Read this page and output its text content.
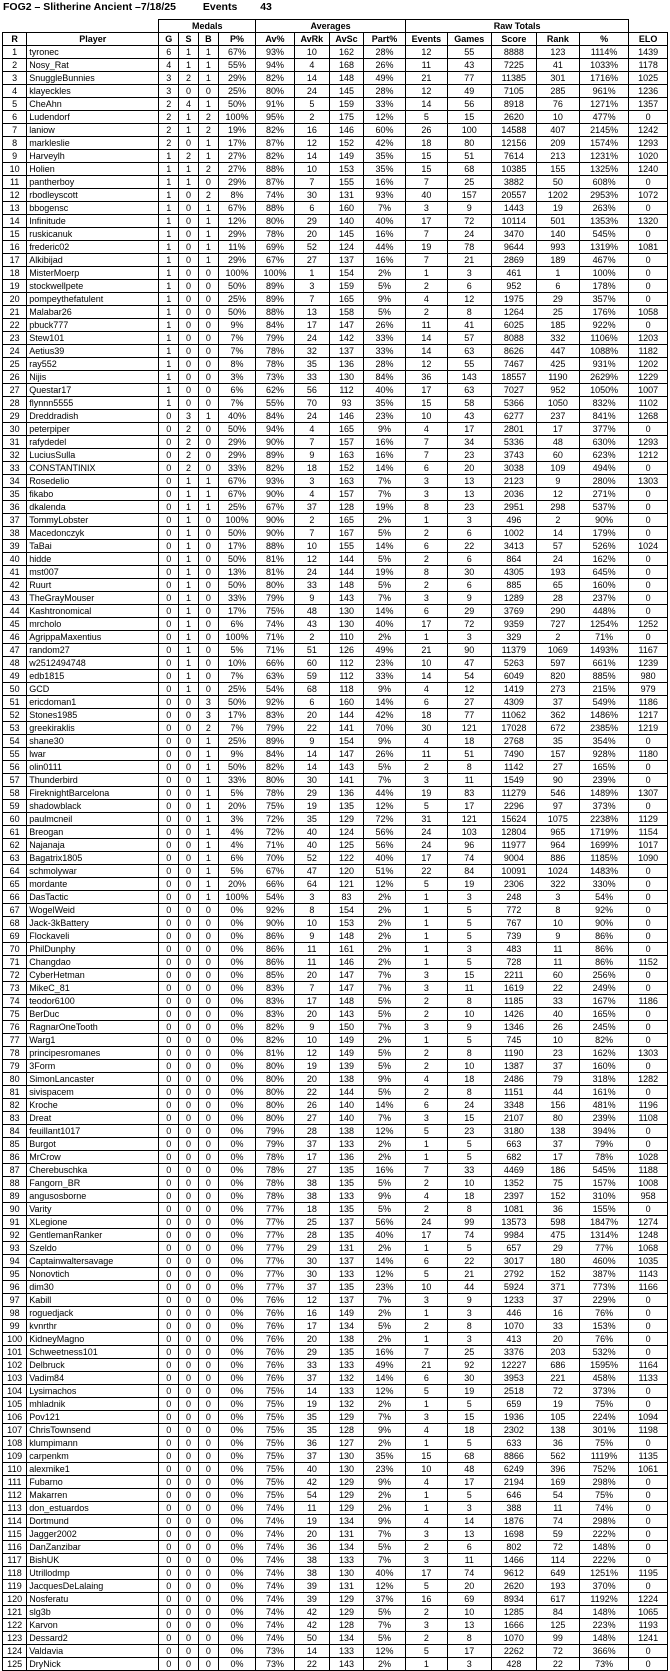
FOG2 – Slitherine Ancient –7/18/25	Events 43
		Medals				Averages				Raw Totals					
R	Player	G	S	B	P%	Av%	AvRk	AvSc	Part%	Events	Games	Score	Rank	%	ELO
1	tyronec	6	1	1	67%	93%	10	162	28%	12	55	8888	123	1114%	1439
2	Nosy_Rat	4	1	1	55%	94%	4	168	26%	11	43	7225	41	1033%	1178
3	SnuggleBunnies	3	2	1	29%	82%	14	148	49%	21	77	11385	301	1716%	1025
4	klayeckles	3	0	0	25%	80%	24	145	28%	12	49	7105	285	961%	1236
5	CheAhn	2	4	1	50%	91%	5	159	33%	14	56	8918	76	1271%	1357
6	Ludendorf	2	1	2	100%	95%	2	175	12%	5	15	2620	10	477%	0
7	laniow	2	1	2	19%	82%	16	146	60%	26	100	14588	407	2145%	1242
8	markleslie	2	0	1	17%	87%	12	152	42%	18	80	12156	209	1574%	1293
9	Harveylh	1	2	1	27%	82%	14	149	35%	15	51	7614	213	1231%	1020
10	Holien	1	1	2	27%	88%	10	153	35%	15	68	10385	155	1325%	1240
11	pantherboy	1	1	0	29%	87%	7	155	16%	7	25	3882	50	608%	0
12	rbodleyscott	1	0	2	8%	74%	30	131	93%	40	157	20557	1202	2953%	1072
13	bbogensc	1	0	1	67%	88%	6	160	7%	3	9	1443	19	263%	0
14	Infinitude	1	0	1	12%	80%	29	140	40%	17	72	10114	501	1353%	1320
15	ruskicanuk	1	0	1	29%	78%	20	145	16%	7	24	3470	140	545%	0
16	frederic02	1	0	1	11%	69%	52	124	44%	19	78	9644	993	1319%	1081
17	Alkibijad	1	0	1	29%	67%	27	137	16%	7	21	2869	189	467%	0
18	MisterMoerp	1	0	0	100%	100%	1	154	2%	1	3	461	1	100%	0
19	stockwellpete	1	0	0	50%	89%	3	159	5%	2	6	952	6	178%	0
20	pompeythefatulent	1	0	0	25%	89%	7	165	9%	4	12	1975	29	357%	0
21	Malabar26	1	0	0	50%	88%	13	158	5%	2	8	1264	25	176%	1058
22	pbuck777	1	0	0	9%	84%	17	147	26%	11	41	6025	185	922%	0
23	Stew101	1	0	0	7%	79%	24	142	33%	14	57	8088	332	1106%	1203
24	Aetius39	1	0	0	7%	78%	32	137	33%	14	63	8626	447	1088%	1182
25	ray552	1	0	0	8%	78%	35	136	28%	12	55	7467	425	931%	1202
26	Nijis	1	0	0	3%	73%	33	130	84%	36	143	18557	1190	2629%	1229
27	Questar17	1	0	0	6%	62%	56	112	40%	17	63	7027	952	1050%	1007
28	flynnn5555	1	0	0	7%	55%	70	93	35%	15	58	5366	1050	832%	1102
29	Dreddradish	0	3	1	40%	84%	24	146	23%	10	43	6277	237	841%	1268
30	peterpiper	0	2	0	50%	94%	4	165	9%	4	17	2801	17	377%	0
31	rafydedel	0	2	0	29%	90%	7	157	16%	7	34	5336	48	630%	1293
32	LuciusSulla	0	2	0	29%	89%	9	163	16%	7	23	3743	60	623%	1212
33	CONSTANTINIX	0	2	0	33%	82%	18	152	14%	6	20	3038	109	494%	0
34	Rosedelio	0	1	1	67%	93%	3	163	7%	3	13	2123	9	280%	1303
35	fikabo	0	1	1	67%	90%	4	157	7%	3	13	2036	12	271%	0
36	dkalenda	0	1	1	25%	67%	37	128	19%	8	23	2951	298	537%	0
37	TommyLobster	0	1	0	100%	90%	2	165	2%	1	3	496	2	90%	0
38	Macedonczyk	0	1	0	50%	90%	7	167	5%	2	6	1002	14	179%	0
39	TaBai	0	1	0	17%	88%	10	155	14%	6	22	3413	57	526%	1024
40	hidde	0	1	0	50%	81%	12	144	5%	2	6	864	24	162%	0
41	mst007	0	1	0	13%	81%	24	144	19%	8	30	4305	193	645%	0
42	Ruurt	0	1	0	50%	80%	33	148	5%	2	6	885	65	160%	0
43	TheGrayMouser	0	1	0	33%	79%	9	143	7%	3	9	1289	28	237%	0
44	Kashtronomical	0	1	0	17%	75%	48	130	14%	6	29	3769	290	448%	0
45	mrcholo	0	1	0	6%	74%	43	130	40%	17	72	9359	727	1254%	1252
46	AgrippaMaxentius	0	1	0	100%	71%	2	110	2%	1	3	329	2	71%	0
47	random27	0	1	0	5%	71%	51	126	49%	21	90	11379	1069	1493%	1167
48	w2512494748	0	1	0	10%	66%	60	112	23%	10	47	5263	597	661%	1239
49	edb1815	0	1	0	7%	63%	59	112	33%	14	54	6049	820	885%	980
50	GCD	0	1	0	25%	54%	68	118	9%	4	12	1419	273	215%	979
51	ericdoman1	0	0	3	50%	92%	6	160	14%	6	27	4309	37	549%	1186
52	Stones1985	0	0	3	17%	83%	20	144	42%	18	77	11062	362	1486%	1217
53	greekiraklis	0	0	2	7%	79%	22	141	70%	30	121	17028	672	2385%	1219
54	shane30	0	0	1	25%	89%	9	154	9%	4	18	2768	35	354%	0
55	lwar	0	0	1	9%	84%	14	147	26%	11	51	7490	157	928%	1180
56	olin0111	0	0	1	50%	82%	14	143	5%	2	8	1142	27	165%	0
57	Thunderbird	0	0	1	33%	80%	30	141	7%	3	11	1549	90	239%	0
58	FireknightBarcelona	0	0	1	5%	78%	29	136	44%	19	83	11279	546	1489%	1307
59	shadowblack	0	0	1	20%	75%	19	135	12%	5	17	2296	97	373%	0
60	paulmcneil	0	0	1	3%	72%	35	129	72%	31	121	15624	1075	2238%	1129
61	Breogan	0	0	1	4%	72%	40	124	56%	24	103	12804	965	1719%	1154
62	Najanaja	0	0	1	4%	71%	40	125	56%	24	96	11977	964	1699%	1017
63	Bagatrix1805	0	0	1	6%	70%	52	122	40%	17	74	9004	886	1185%	1090
64	schmolywar	0	0	1	5%	67%	47	120	51%	22	84	10091	1024	1483%	0
65	mordante	0	0	1	20%	66%	64	121	12%	5	19	2306	322	330%	0
66	DasTactic	0	0	1	100%	54%	3	83	2%	1	3	248	3	54%	0
67	WogelWeid	0	0	0	0%	92%	8	154	2%	1	5	772	8	92%	0
68	Jack-3kBattery	0	0	0	0%	90%	10	153	2%	1	5	767	10	90%	0
69	Flockaveli	0	0	0	0%	86%	9	148	2%	1	5	739	9	86%	0
70	PhilDunphy	0	0	0	0%	86%	11	161	2%	1	3	483	11	86%	0
71	Changdao	0	0	0	0%	86%	11	146	2%	1	5	728	11	86%	1152
72	CyberHetman	0	0	0	0%	85%	20	147	7%	3	15	2211	60	256%	0
73	MikeC_81	0	0	0	0%	83%	7	147	7%	3	11	1619	22	249%	0
74	teodor6100	0	0	0	0%	83%	17	148	5%	2	8	1185	33	167%	1186
75	BerDuc	0	0	0	0%	83%	20	143	5%	2	10	1426	40	165%	0
76	RagnarOneTooth	0	0	0	0%	82%	9	150	7%	3	9	1346	26	245%	0
77	Warg1	0	0	0	0%	82%	10	149	2%	1	5	745	10	82%	0
78	principesromanes	0	0	0	0%	81%	12	149	5%	2	8	1190	23	162%	1303
79	3Form	0	0	0	0%	80%	19	139	5%	2	10	1387	37	160%	0
80	SimonLancaster	0	0	0	0%	80%	20	138	9%	4	18	2486	79	318%	1282
81	sivispacem	0	0	0	0%	80%	22	144	5%	2	8	1151	44	161%	0
82	Kroche	0	0	0	0%	80%	26	140	14%	6	24	3348	156	481%	1196
83	Dreat	0	0	0	0%	80%	27	140	7%	3	15	2107	80	239%	1108
84	feuillant1017	0	0	0	0%	79%	28	138	12%	5	23	3180	138	394%	0
85	Burgot	0	0	0	0%	79%	37	133	2%	1	5	663	37	79%	0
86	MrCrow	0	0	0	0%	78%	17	136	2%	1	5	682	17	78%	1028
87	Cherebuschka	0	0	0	0%	78%	27	135	16%	7	33	4469	186	545%	1188
88	Fangorn_BR	0	0	0	0%	78%	38	135	5%	2	10	1352	75	157%	1008
89	angusosborne	0	0	0	0%	78%	38	133	9%	4	18	2397	152	310%	958
90	Varity	0	0	0	0%	77%	18	135	5%	2	8	1081	36	155%	0
91	XLegione	0	0	0	0%	77%	25	137	56%	24	99	13573	598	1847%	1274
92	GentlemanRanker	0	0	0	0%	77%	28	135	40%	17	74	9984	475	1314%	1248
93	Szeldo	0	0	0	0%	77%	29	131	2%	1	5	657	29	77%	1068
94	Captainwaltersavage	0	0	0	0%	77%	30	137	14%	6	22	3017	180	460%	1035
95	Nonovtich	0	0	0	0%	77%	30	133	12%	5	21	2792	152	387%	1143
96	dim30	0	0	0	0%	77%	37	135	23%	10	44	5924	371	773%	1166
97	Kabill	0	0	0	0%	76%	12	137	7%	3	9	1233	37	229%	0
98	roguedjack	0	0	0	0%	76%	16	149	2%	1	3	446	16	76%	0
99	kvnrthr	0	0	0	0%	76%	17	134	5%	2	8	1070	33	153%	0
100	KidneyMagno	0	0	0	0%	76%	20	138	2%	1	3	413	20	76%	0
101	Schweetness101	0	0	0	0%	76%	29	135	16%	7	25	3376	203	532%	0
102	Delbruck	0	0	0	0%	76%	33	133	49%	21	92	12227	686	1595%	1164
103	Vadim84	0	0	0	0%	76%	37	132	14%	6	30	3953	221	458%	1133
104	Lysimachos	0	0	0	0%	75%	14	133	12%	5	19	2518	72	373%	0
105	mhladnik	0	0	0	0%	75%	19	132	2%	1	5	659	19	75%	0
106	Pov121	0	0	0	0%	75%	35	129	7%	3	15	1936	105	224%	1094
107	ChrisTownsend	0	0	0	0%	75%	35	128	9%	4	18	2302	138	301%	1198
108	klumpimann	0	0	0	0%	75%	36	127	2%	1	5	633	36	75%	0
109	carpenkm	0	0	0	0%	75%	37	130	35%	15	68	8866	562	1119%	1135
110	alexmike1	0	0	0	0%	75%	40	130	23%	10	48	6249	396	752%	1061
111	Fubarno	0	0	0	0%	75%	42	129	9%	4	17	2194	169	298%	0
112	Makarren	0	0	0	0%	75%	54	129	2%	1	5	646	54	75%	0
113	don_estuardos	0	0	0	0%	74%	11	129	2%	1	3	388	11	74%	0
114	Dortmund	0	0	0	0%	74%	19	134	9%	4	14	1876	74	298%	0
115	Jagger2002	0	0	0	0%	74%	20	131	7%	3	13	1698	59	222%	0
116	DanZanzibar	0	0	0	0%	74%	36	134	5%	2	6	802	72	148%	0
117	BishUK	0	0	0	0%	74%	38	133	7%	3	11	1466	114	222%	0
118	Utrillodmp	0	0	0	0%	74%	38	130	40%	17	74	9612	649	1251%	1195
119	JacquesDeLalaing	0	0	0	0%	74%	39	131	12%	5	20	2620	193	370%	0
120	Nosferatu	0	0	0	0%	74%	39	129	37%	16	69	8934	617	1192%	1224
121	slg3b	0	0	0	0%	74%	42	129	5%	2	10	1285	84	148%	1065
122	Karvon	0	0	0	0%	74%	42	128	7%	3	13	1666	125	223%	1193
123	Dessard2	0	0	0	0%	74%	50	134	5%	2	8	1070	99	148%	1241
124	Valdavia	0	0	0	0%	73%	14	133	12%	5	17	2262	72	366%	0
125	DryNick	0	0	0	0%	73%	22	143	2%	1	3	428	22	73%	0
